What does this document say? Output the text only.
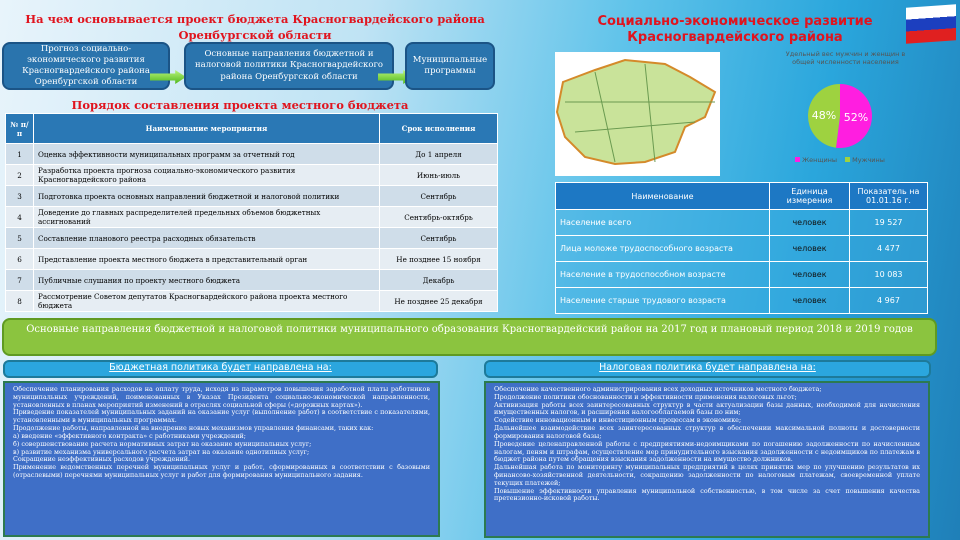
На чем основывается проект бюджета Красногвардейского района Оренбургской области
Прогноз социально-экономического развития Красногвардейского района Оренбургской области
Основные направления бюджетной и налоговой политики Красногвардейского района Оренбургской области
Муниципальные программы
Порядок составления проекта местного бюджета
№ п/п	Наименование мероприятия	Срок исполнения
1	Оценка эффективности муниципальных программ за отчетный год	До 1 апреля
2	Разработка проекта прогноза социально-экономического развития Красногвардейского района	Июнь-июль
3	Подготовка проекта основных направлений бюджетной и налоговой политики	Сентябрь
4	Доведение до главных распределителей предельных объемов бюджетных ассигнований	Сентябрь-октябрь
5	Составление планового реестра расходных обязательств	Сентябрь
6	Представление проекта местного бюджета в представительный орган	Не позднее 15 ноября
7	Публичные слушания по проекту местного бюджета	Декабрь
8	Рассмотрение Советом депутатов Красногвардейского района проекта местного бюджета	Не позднее 25 декабря
Социально-экономическое развитие Красногвардейского района
Удельный вес мужчин и женщин в общей численности населения
52%
48%
Женщины	Мужчины
Наименование	Единица измерения	Показатель на 01.01.16 г.
Население всего	человек	19 527
Лица моложе трудоспособного возраста	человек	4 477
Население в трудоспособном возрасте	человек	10 083
Население старше трудового возраста	человек	4 967
Основные направления бюджетной и налоговой политики муниципального образования Красногвардейский район на 2017 год и плановый период 2018 и 2019 годов
Бюджетная политика будет направлена на:	Налоговая политика будет направлена на:
Обеспечение планирования расходов на оплату труда, исходя из параметров повышения заработной платы работников муниципальных учреждений, поименованных в Указах Президента социально-экономической направленности, установленных в планах мероприятий изменений в отраслях социальной сферы («дорожных картах»).
Приведение показателей муниципальных заданий на оказание услуг (выполнение работ) в соответствие с показателями, установленными в муниципальных программах.
Продолжение работы, направленной на внедрение новых механизмов управления финансами, таких как:
а) введение «эффективного контракта» с работниками учреждений;
б) совершенствование расчета нормативных затрат на оказание муниципальных услуг;
в) развитие механизма универсального расчета затрат на оказание однотипных услуг;
Сокращение неэффективных расходов учреждений.
Применение ведомственных перечней муниципальных услуг и работ, сформированных в соответствии с базовыми (отраслевыми) перечнями муниципальных услуг и работ для формирования муниципального задания.
Обеспечение качественного администрирования всех доходных источников местного бюджета;
Продолжение политики обоснованности и эффективности применения налоговых льгот;
Активизация работы всех заинтересованных структур в части актуализации базы данных, необходимой для начисления имущественных налогов, и расширения налогооблагаемой базы по ним;
Содействие инновационным и инвестиционным процессам в экономике;
Дальнейшее взаимодействие всех заинтересованных структур в обеспечении максимальной полноты и достоверности формирования налоговой базы;
Проведение целенаправленной работы с предприятиями-недоимщиками по погашению задолженности по начисленным налогам, пеням и штрафам, осуществление мер принудительного взыскания задолженности с недоимщиков по платежам в бюджет района путем обращения взыскания задолженности на имущество должников.
Дальнейшая работа по мониторингу муниципальных предприятий в целях принятия мер по улучшению результатов их финансово-хозяйственной деятельности, сокращению задолженности по налоговым платежам, своевременной уплате текущих платежей;
Повышение эффективности управления муниципальной собственностью, в том числе за счет повышения качества претензионно-исковой работы.
